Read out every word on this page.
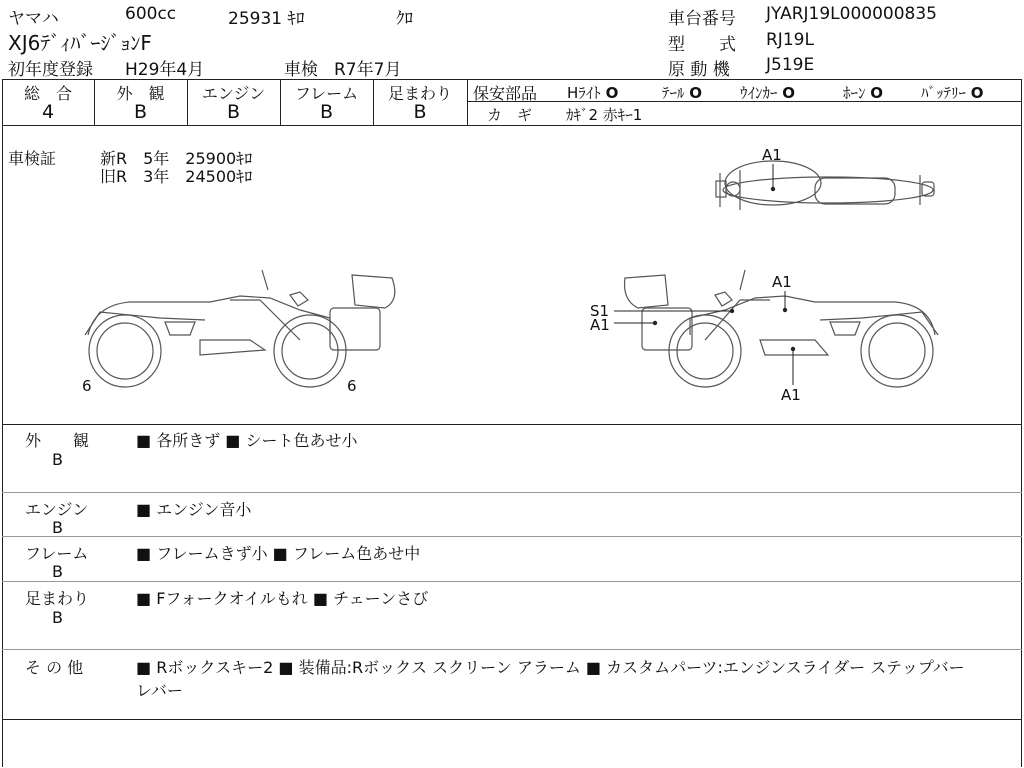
ヤマハ	600cc	25931 ｷﾛ	ｸﾛ
XJ6ﾃﾞｨﾊﾞｰｼﾞｮﾝF
初年度登録 H29年4月	車検 R7年7月
車台番号 JYARJ19L000000835
型　　式 RJ19L
原 動 機 J519E
総　合
4
外　観
B
エンジン
B
フレーム
B
足まわり
B
保安部品 Hﾗｲﾄ O	ﾃｰﾙ O	ｳｲﾝｶｰ O	ﾎｰﾝ O	ﾊﾞｯﾃﾘｰ O
カ　ギ ｶｷﾞ2 赤ｷｰ1
車検証	新R　5年　25900ｷﾛ
旧R　3年　24500ｷﾛ
A1
6	6
S1
A1
A1
A1
外　　観
B
■ 各所きず ■ シート色あせ小
エンジン
B
■ エンジン音小
フレーム
B
■ フレームきず小 ■ フレーム色あせ中
足まわり
B
■ Fフォークオイルもれ ■ チェーンさび
そ の 他	■ Rボックスキー2 ■ 装備品:Rボックス スクリーン アラーム ■ カスタムパーツ:エンジンスライダー ステップバー
レバー
